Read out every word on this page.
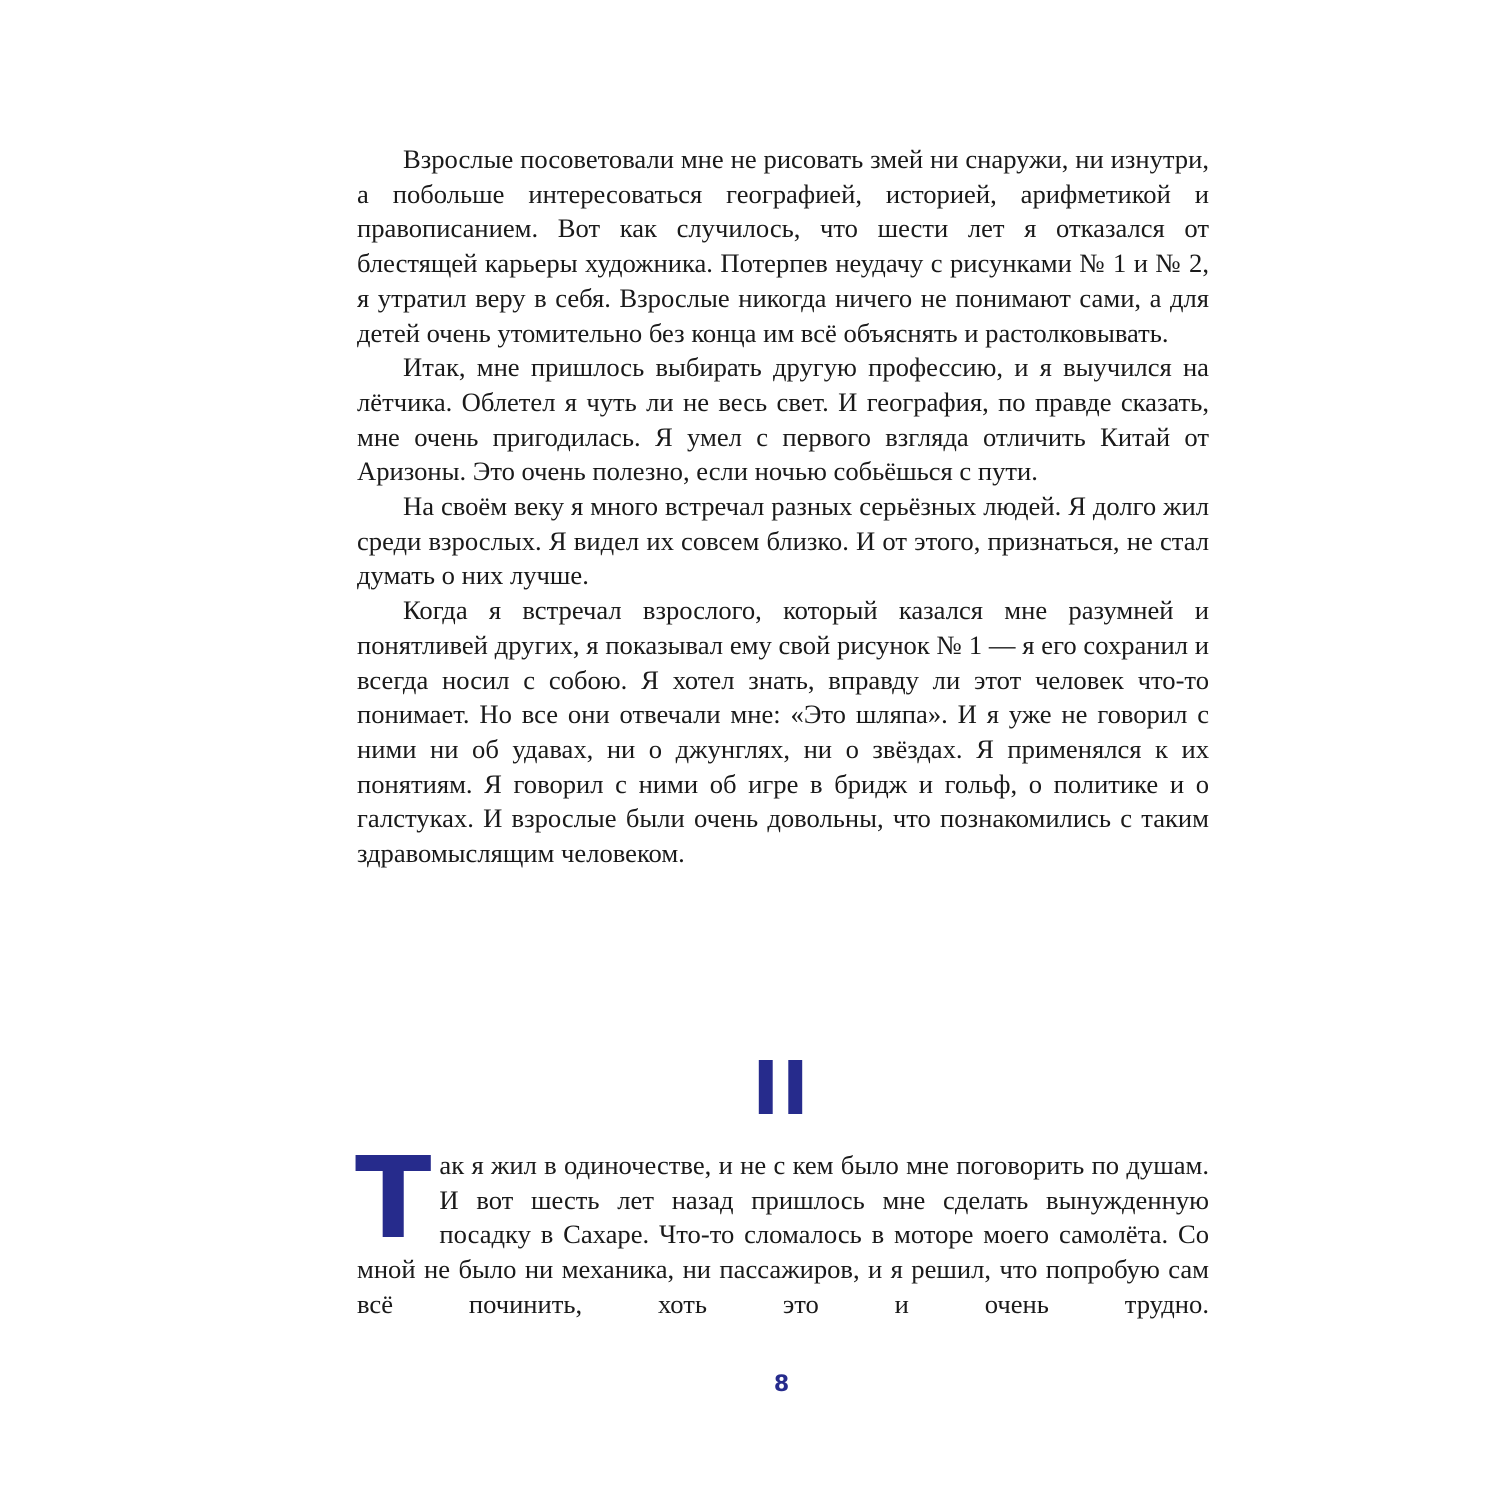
Взрослые посоветовали мне не рисовать змей ни снаружи, ни изнутри, а побольше интересоваться географией, историей, арифметикой и правописанием. Вот как случилось, что шести лет я отказался от блестящей карьеры художника. Потерпев неудачу с рисунками № 1 и № 2, я утратил веру в себя. Взрослые никогда ничего не понимают сами, а для детей очень утомительно без конца им всё объяснять и растолковывать.

Итак, мне пришлось выбирать другую профессию, и я выучился на лётчика. Облетел я чуть ли не весь свет. И география, по правде сказать, мне очень пригодилась. Я умел с первого взгляда отличить Китай от Аризоны. Это очень полезно, если ночью собьёшься с пути.

На своём веку я много встречал разных серьёзных людей. Я долго жил среди взрослых. Я видел их совсем близко. И от этого, признаться, не стал думать о них лучше.

Когда я встречал взрослого, который казался мне разумней и понятливей других, я показывал ему свой рисунок № 1 — я его сохранил и всегда носил с собою. Я хотел знать, вправду ли этот человек что-то понимает. Но все они отвечали мне: «Это шляпа». И я уже не говорил с ними ни об удавах, ни о джунглях, ни о звёздах. Я применялся к их понятиям. Я говорил с ними об игре в бридж и гольф, о политике и о галстуках. И взрослые были очень довольны, что познакомились с таким здравомыслящим человеком.

II
Т ак я жил в одиночестве, и не с кем было мне поговорить по душам. И вот шесть лет назад пришлось мне сделать вынужденную посадку в Сахаре. Что-то сломалось в моторе моего самолёта. Со мной не было ни механика, ни пассажиров, и я решил, что попробую сам всё починить, хоть это и очень трудно.

8
